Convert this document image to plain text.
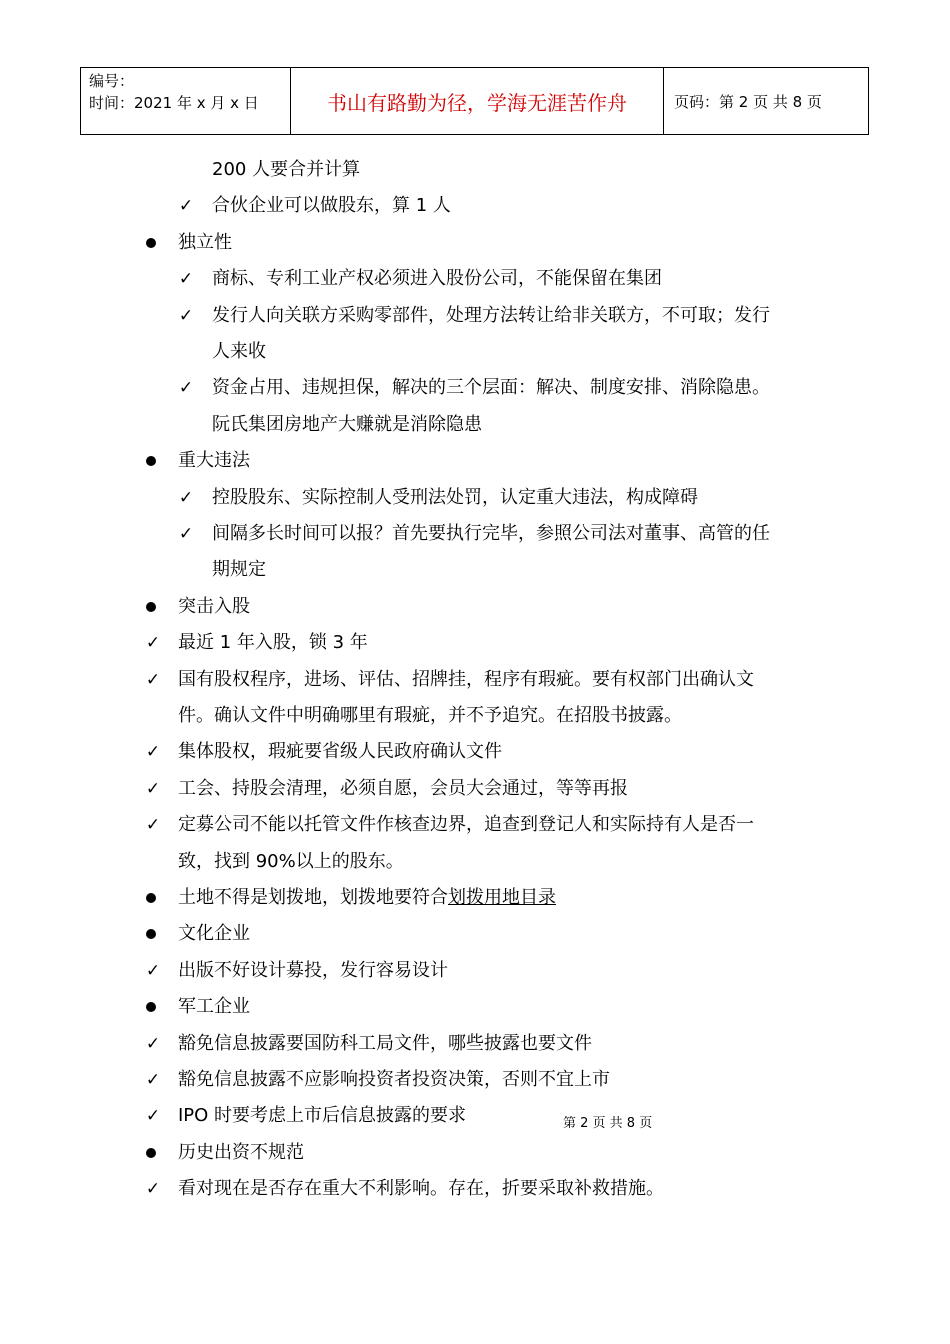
编号：
时间：2021 年 x 月 x 日	书山有路勤为径，学海无涯苦作舟	页码：第 2 页 共 8 页
200 人要合并计算
✓ 合伙企业可以做股东，算 1 人
独立性
✓ 商标、专利工业产权必须进入股份公司，不能保留在集团
✓ 发行人向关联方采购零部件，处理方法转让给非关联方，不可取；发行
人来收
✓ 资金占用、违规担保，解决的三个层面：解决、制度安排、消除隐患。
阮氏集团房地产大赚就是消除隐患
重大违法
✓ 控股股东、实际控制人受刑法处罚，认定重大违法，构成障碍
✓ 间隔多长时间可以报？首先要执行完毕，参照公司法对董事、高管的任
期规定
突击入股
✓ 最近 1 年入股，锁 3 年
✓ 国有股权程序，进场、评估、招牌挂，程序有瑕疵。要有权部门出确认文
件。确认文件中明确哪里有瑕疵，并不予追究。在招股书披露。
✓ 集体股权，瑕疵要省级人民政府确认文件
✓ 工会、持股会清理，必须自愿，会员大会通过，等等再报
✓ 定募公司不能以托管文件作核查边界，追查到登记人和实际持有人是否一
致，找到 90%以上的股东。
土地不得是划拨地，划拨地要符合划拨用地目录
文化企业
✓ 出版不好设计募投，发行容易设计
军工企业
✓ 豁免信息披露要国防科工局文件，哪些披露也要文件
✓ 豁免信息披露不应影响投资者投资决策，否则不宜上市
✓ IPO 时要考虑上市后信息披露的要求
历史出资不规范
✓ 看对现在是否存在重大不利影响。存在，折要采取补救措施。
第 2 页 共 8 页
